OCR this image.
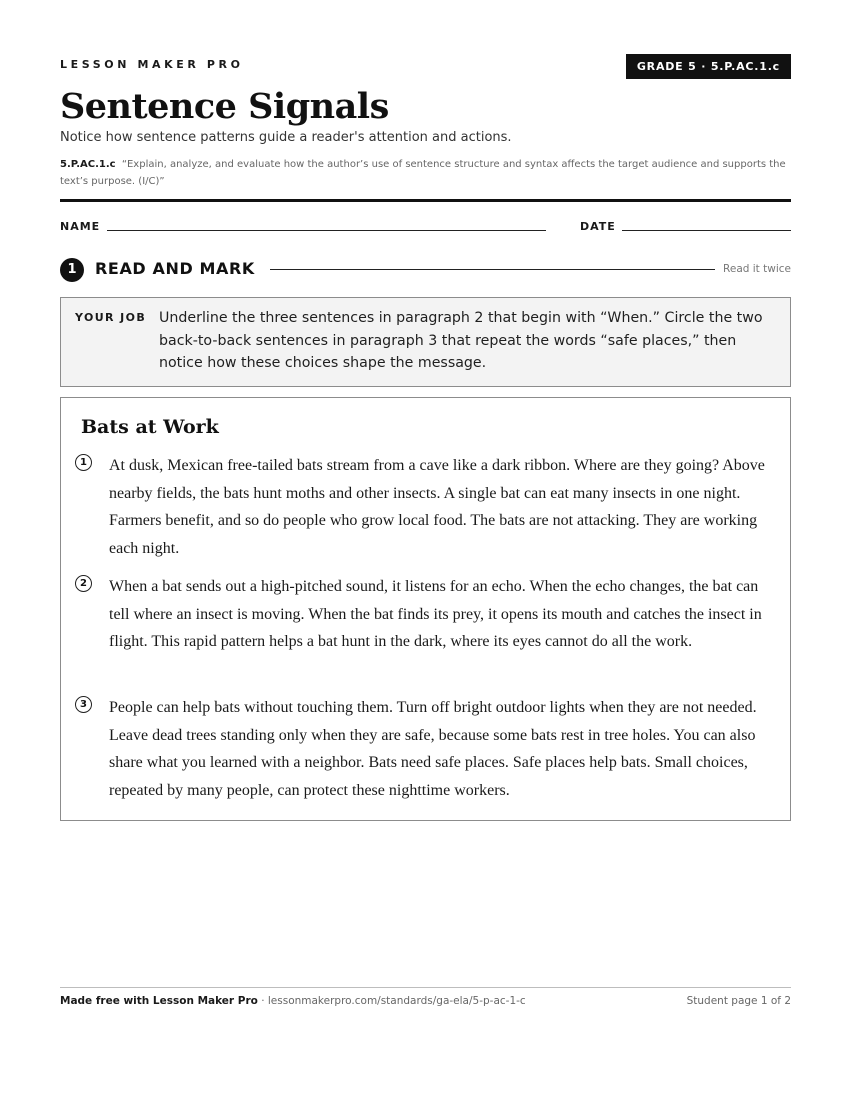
LESSON MAKER PRO	GRADE 5 · 5.P.AC.1.c
Sentence Signals
Notice how sentence patterns guide a reader's attention and actions.
5.P.AC.1.c “Explain, analyze, and evaluate how the author’s use of sentence structure and syntax affects the target audience and supports the text’s purpose. (I/C)”
NAME	DATE
1	READ AND MARK	Read it twice
YOUR JOB Underline the three sentences in paragraph 2 that begin with “When.” Circle the two back-to-back sentences in paragraph 3 that repeat the words “safe places,” then notice how these choices shape the message.
Bats at Work
1	At dusk, Mexican free-tailed bats stream from a cave like a dark ribbon. Where are they going? Above nearby fields, the bats hunt moths and other insects. A single bat can eat many insects in one night. Farmers benefit, and so do people who grow local food. The bats are not attacking. They are working each night.
2	When a bat sends out a high-pitched sound, it listens for an echo. When the echo changes, the bat can tell where an insect is moving. When the bat finds its prey, it opens its mouth and catches the insect in flight. This rapid pattern helps a bat hunt in the dark, where its eyes cannot do all the work.
3	People can help bats without touching them. Turn off bright outdoor lights when they are not needed. Leave dead trees standing only when they are safe, because some bats rest in tree holes. You can also share what you learned with a neighbor. Bats need safe places. Safe places help bats. Small choices, repeated by many people, can protect these nighttime workers.
Made free with Lesson Maker Pro · lessonmakerpro.com/standards/ga-ela/5-p-ac-1-c	Student page 1 of 2
